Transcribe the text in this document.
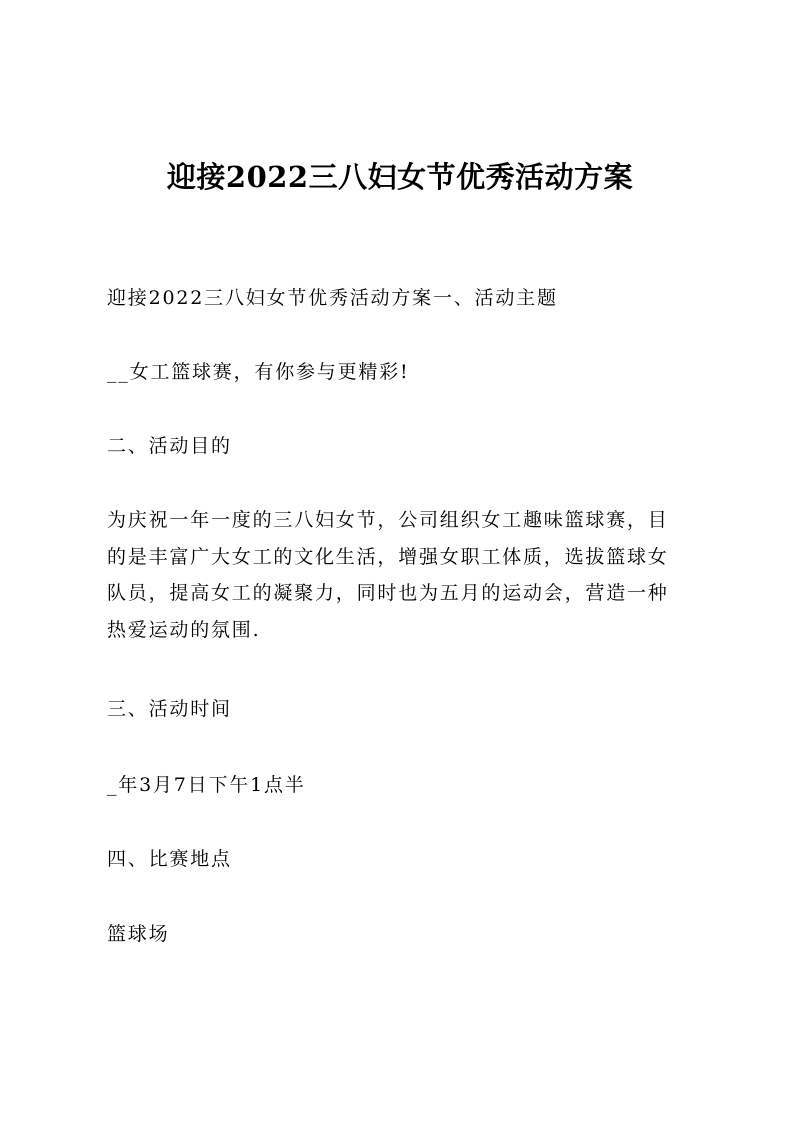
迎接2022三八妇女节优秀活动方案
迎接2022三八妇女节优秀活动方案一、活动主题
__女工篮球赛，有你参与更精彩!
二、活动目的
为庆祝一年一度的三八妇女节，公司组织女工趣味篮球赛，目
的是丰富广大女工的文化生活，增强女职工体质，选拔篮球女
队员，提高女工的凝聚力，同时也为五月的运动会，营造一种
热爱运动的氛围.
三、活动时间
_年3月7日下午1点半
四、比赛地点
篮球场
